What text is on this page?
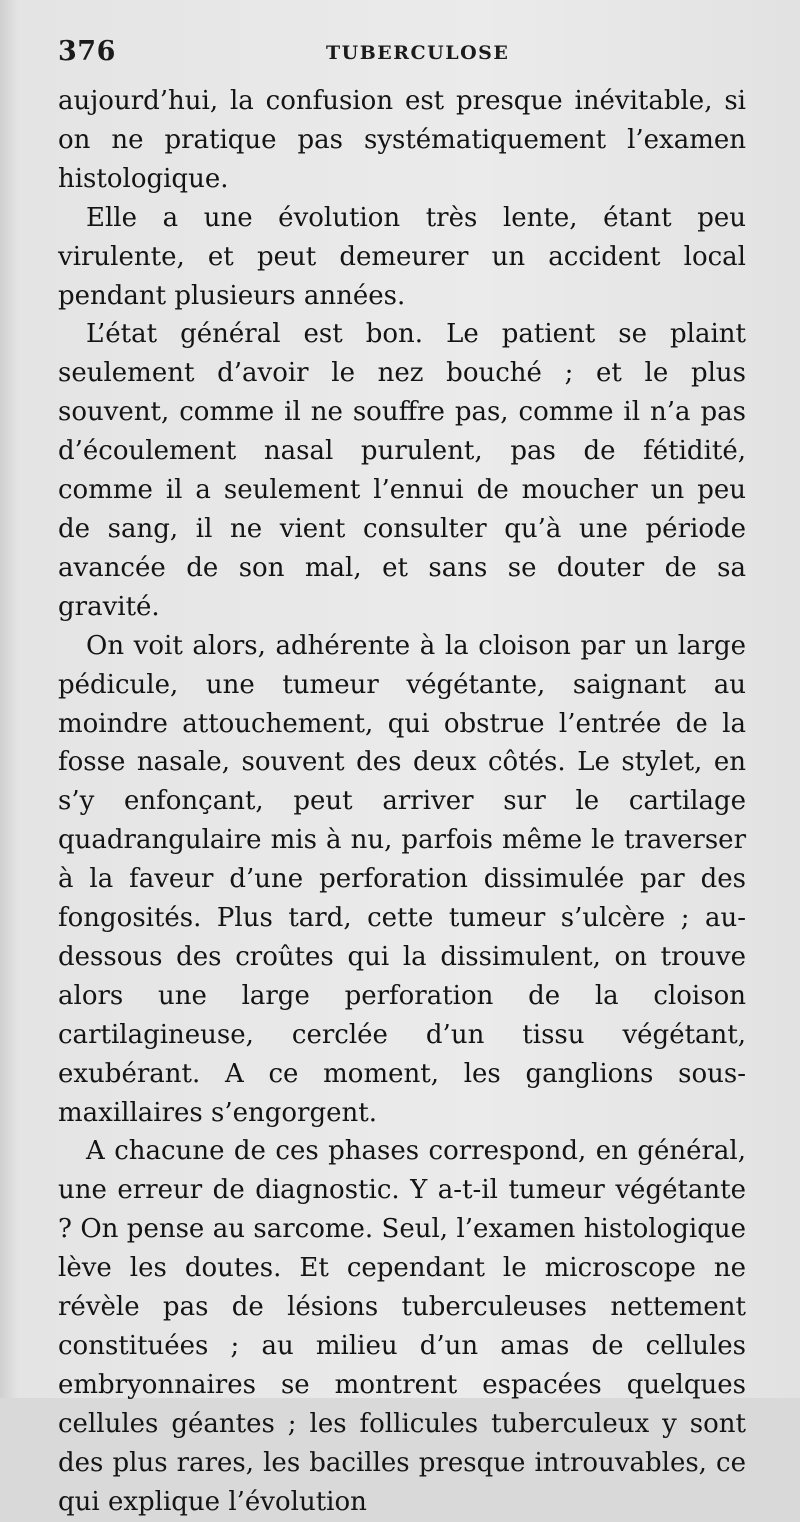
376	TUBERCULOSE

aujourd’hui, la confusion est presque inévitable, si on ne pratique pas systématiquement l’examen histologique.

Elle a une évolution très lente, étant peu virulente, et peut demeurer un accident local pendant plusieurs années.

L’état général est bon. Le patient se plaint seulement d’avoir le nez bouché ; et le plus souvent, comme il ne souffre pas, comme il n’a pas d’écoulement nasal purulent, pas de fétidité, comme il a seulement l’ennui de moucher un peu de sang, il ne vient consulter qu’à une période avancée de son mal, et sans se douter de sa gravité.

On voit alors, adhérente à la cloison par un large pédicule, une tumeur végétante, saignant au moindre attouchement, qui obstrue l’entrée de la fosse nasale, souvent des deux côtés. Le stylet, en s’y enfonçant, peut arriver sur le cartilage quadrangulaire mis à nu, parfois même le traverser à la faveur d’une perforation dissimulée par des fongosités. Plus tard, cette tumeur s’ulcère ; au-dessous des croûtes qui la dissimulent, on trouve alors une large perforation de la cloison cartilagineuse, cerclée d’un tissu végétant, exubérant. A ce moment, les ganglions sous-maxillaires s’engorgent.

A chacune de ces phases correspond, en général, une erreur de diagnostic. Y a-t-il tumeur végétante ? On pense au sarcome. Seul, l’examen histologique lève les doutes. Et cependant le microscope ne révèle pas de lésions tuberculeuses nettement constituées ; au milieu d’un amas de cellules embryonnaires se montrent espacées quelques cellules géantes ; les follicules tuberculeux y sont des plus rares, les bacilles presque introuvables, ce qui explique l’évolution
